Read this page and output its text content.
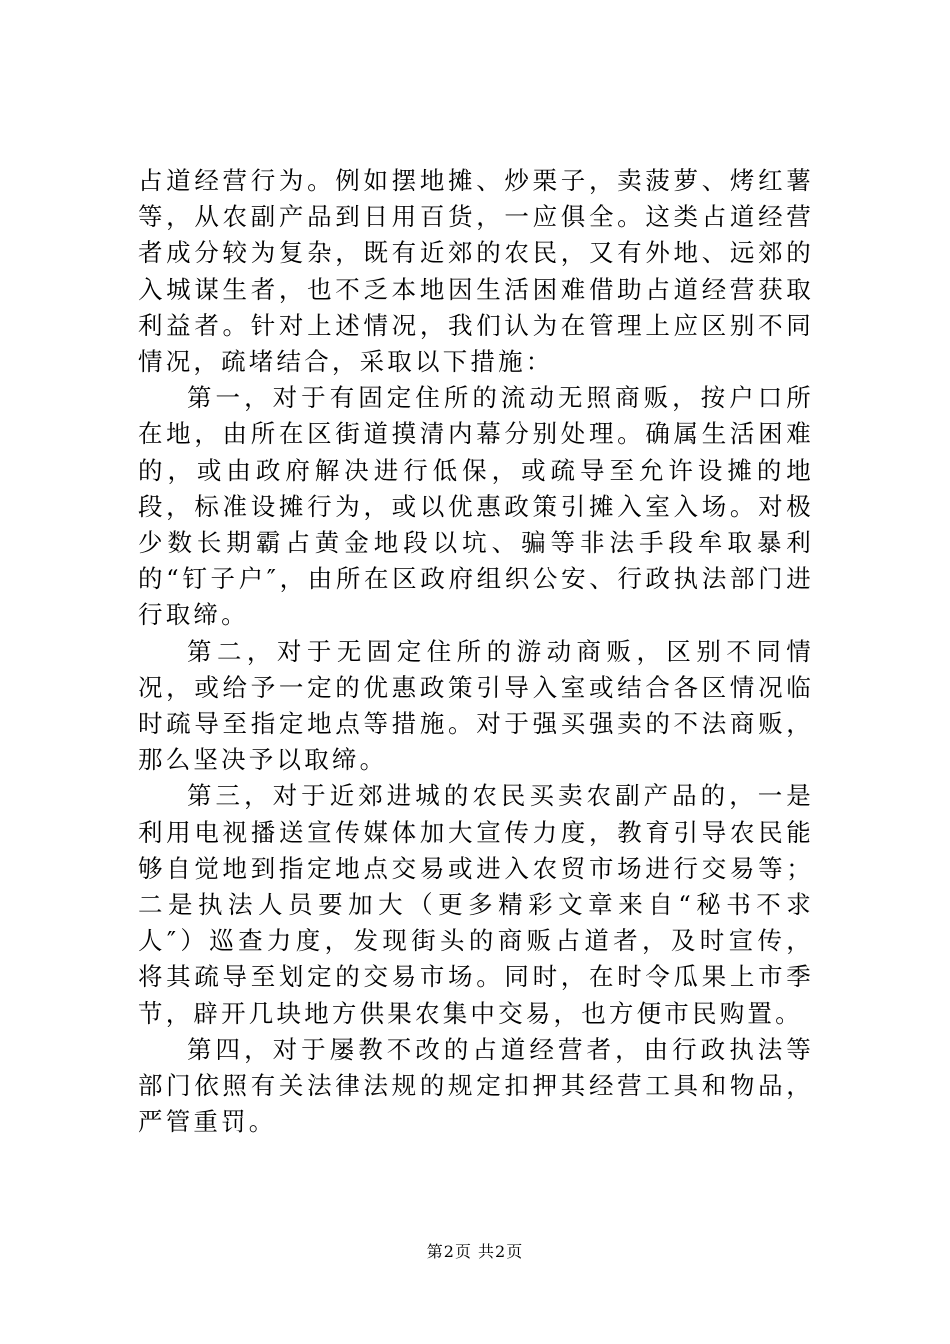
占道经营行为。例如摆地摊、炒栗子，卖菠萝、烤红薯等，从农副产品到日用百货，一应俱全。这类占道经营者成分较为复杂，既有近郊的农民，又有外地、远郊的入城谋生者，也不乏本地因生活困难借助占道经营获取利益者。针对上述情况，我们认为在管理上应区别不同情况，疏堵结合，采取以下措施：

第一，对于有固定住所的流动无照商贩，按户口所在地，由所在区街道摸清内幕分别处理。确属生活困难的，或由政府解决进行低保，或疏导至允许设摊的地段，标准设摊行为，或以优惠政策引摊入室入场。对极少数长期霸占黄金地段以坑、骗等非法手段牟取暴利的“钉子户″，由所在区政府组织公安、行政执法部门进行取缔。

第二，对于无固定住所的游动商贩，区别不同情况，或给予一定的优惠政策引导入室或结合各区情况临时疏导至指定地点等措施。对于强买强卖的不法商贩，那么坚决予以取缔。

第三，对于近郊进城的农民买卖农副产品的，一是利用电视播送宣传媒体加大宣传力度，教育引导农民能够自觉地到指定地点交易或进入农贸市场进行交易等；二是执法人员要加大（更多精彩文章来自“秘书不求人″）巡查力度，发现街头的商贩占道者，及时宣传，将其疏导至划定的交易市场。同时，在时令瓜果上市季节，辟开几块地方供果农集中交易，也方便市民购置。

第四，对于屡教不改的占道经营者，由行政执法等部门依照有关法律法规的规定扣押其经营工具和物品，严管重罚。

第2页 共2页
